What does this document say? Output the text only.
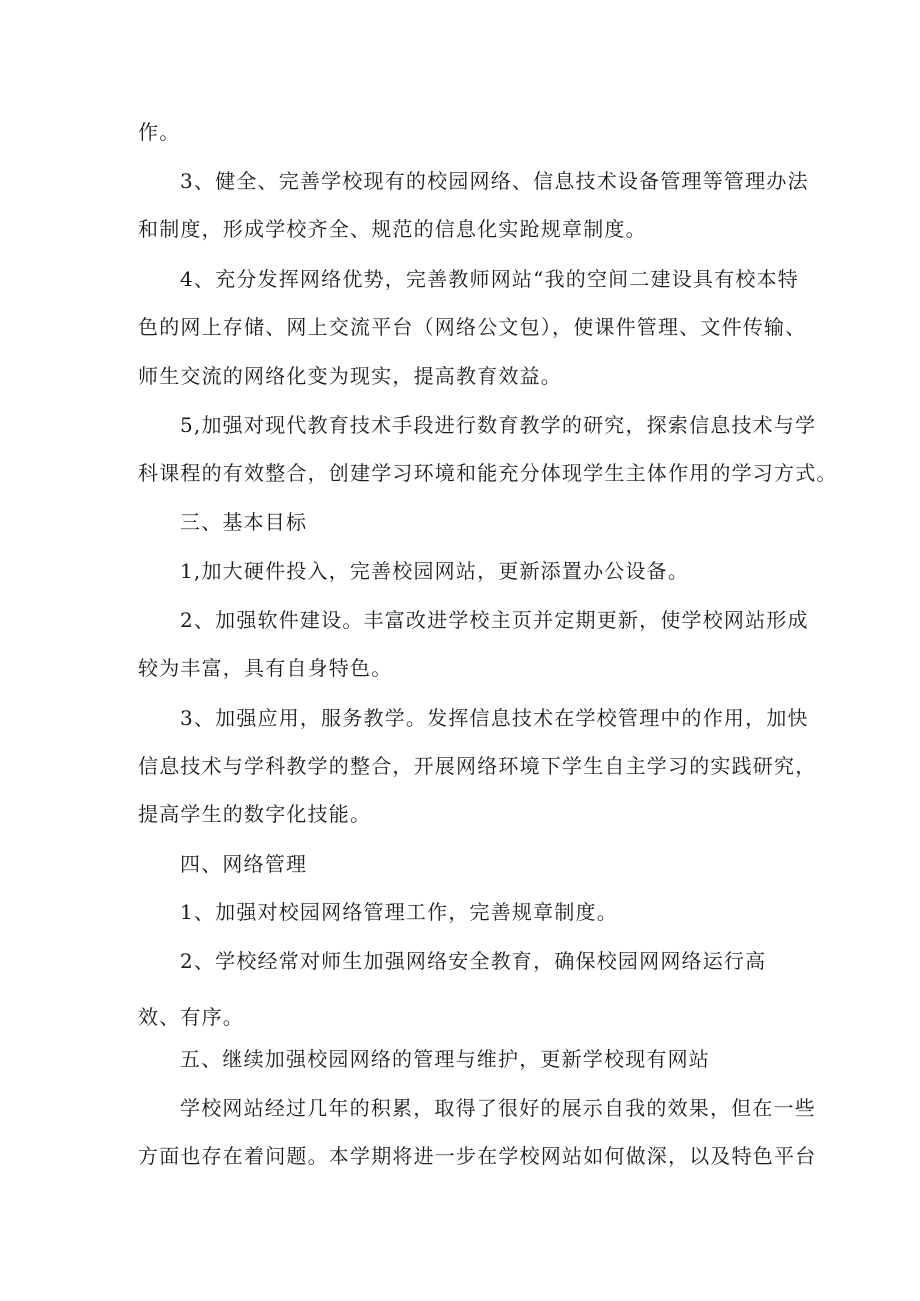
作。
3、健全、完善学校现有的校园网络、信息技术设备管理等管理办法
和制度，形成学校齐全、规范的信息化实跄规章制度。
4、充分发挥网络优势，完善教师网站“我的空间二建设具有校本特
色的网上存储、网上交流平台（网络公文包），使课件管理、文件传输、
师生交流的网络化变为现实，提高教育效益。
5,加强对现代教育技术手段进行数育教学的研究，探索信息技术与学
科课程的有效整合，创建学习环境和能充分体现学生主体作用的学习方式。
三、基本目标
1,加大硬件投入，完善校园网站，更新添置办公设备。
2、加强软件建设。丰富改进学校主页并定期更新，使学校网站形成
较为丰富，具有自身特色。
3、加强应用，服务教学。发挥信息技术在学校管理中的作用，加快
信息技术与学科教学的整合，开展网络环境下学生自主学习的实践研究，
提高学生的数字化技能。
四、网络管理
1、加强对校园网络管理工作，完善规章制度。
2、学校经常对师生加强网络安全教育，确保校园网网络运行高
效、有序。
五、继续加强校园网络的管理与维护，更新学校现有网站
学校网站经过几年的积累，取得了很好的展示自我的效果，但在一些
方面也存在着问题。本学期将进一步在学校网站如何做深，以及特色平台
